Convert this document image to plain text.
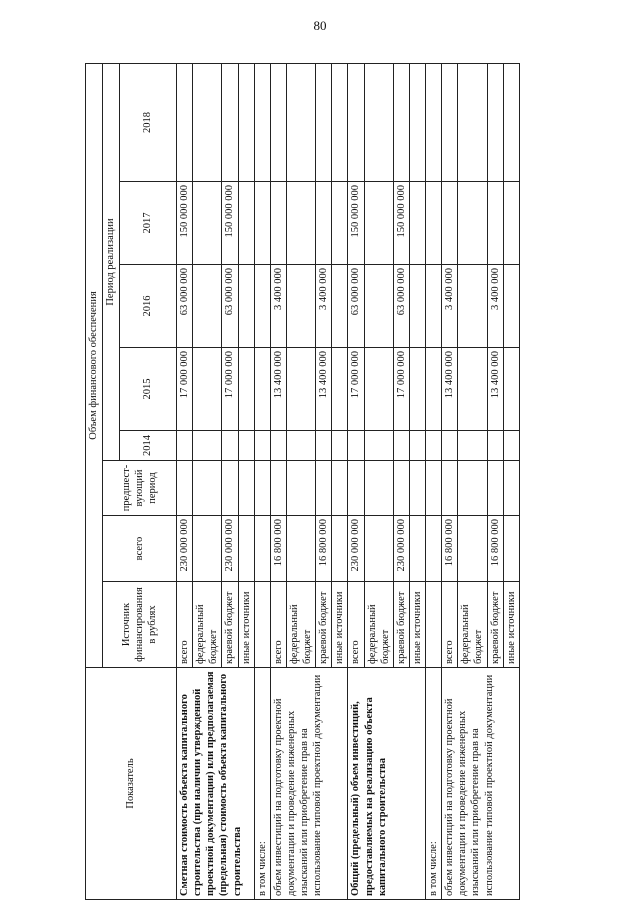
80
Показатель	Объем финансового обеспечения							
	Источник финансирования в рублях	всего	предшест-вующий период	Период реализации				
				2014	2015	2016	2017	2018
Сметная стоимость объекта капитального строительства (при наличии утвержденной проектной документации) или предполагаемая (предельная) стоимость объекта капитального строительства	всего	230 000 000			17 000 000	63 000 000	150 000 000	
	федеральный бюджет							
	краевой бюджет	230 000 000			17 000 000	63 000 000	150 000 000	
	иные источники							
в том числе:								
объем инвестиций на подготовку проектной документации и проведение инженерных изысканий или приобретение прав на использование типовой проектной документации	всего	16 800 000			13 400 000	3 400 000		
	федеральный бюджет							
	краевой бюджет	16 800 000			13 400 000	3 400 000		
	иные источники							
Общий (предельный) объем инвестиций, предоставляемых на реализацию объекта капитального строительства	всего	230 000 000			17 000 000	63 000 000	150 000 000	
	федеральный бюджет							
	краевой бюджет	230 000 000			17 000 000	63 000 000	150 000 000	
	иные источники							
в том числе:								
объем инвестиций на подготовку проектной документации и проведение инженерных изысканий или приобретение прав на использование типовой проектной документации	всего	16 800 000			13 400 000	3 400 000		
	федеральный бюджет							
	краевой бюджет	16 800 000			13 400 000	3 400 000		
	иные источники							
